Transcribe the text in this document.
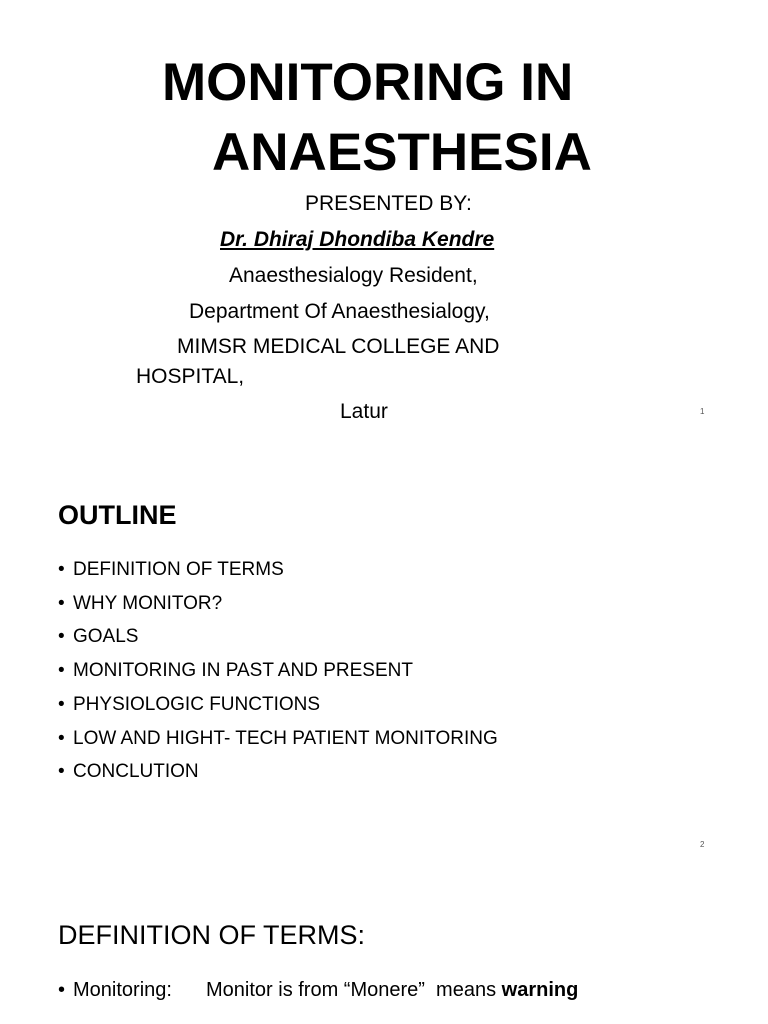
MONITORING IN
ANAESTHESIA
PRESENTED BY:
Dr. Dhiraj Dhondiba Kendre
Anaesthesialogy Resident,
Department Of Anaesthesialogy,
MIMSR MEDICAL COLLEGE AND
HOSPITAL,
Latur	1
OUTLINE
• DEFINITION OF TERMS
• WHY MONITOR?
• GOALS
• MONITORING IN PAST AND PRESENT
• PHYSIOLOGIC FUNCTIONS
• LOW AND HIGHT- TECH PATIENT MONITORING
• CONCLUTION
2
DEFINITION OF TERMS:
• Monitoring: Monitor is from “Monere”  means warning
